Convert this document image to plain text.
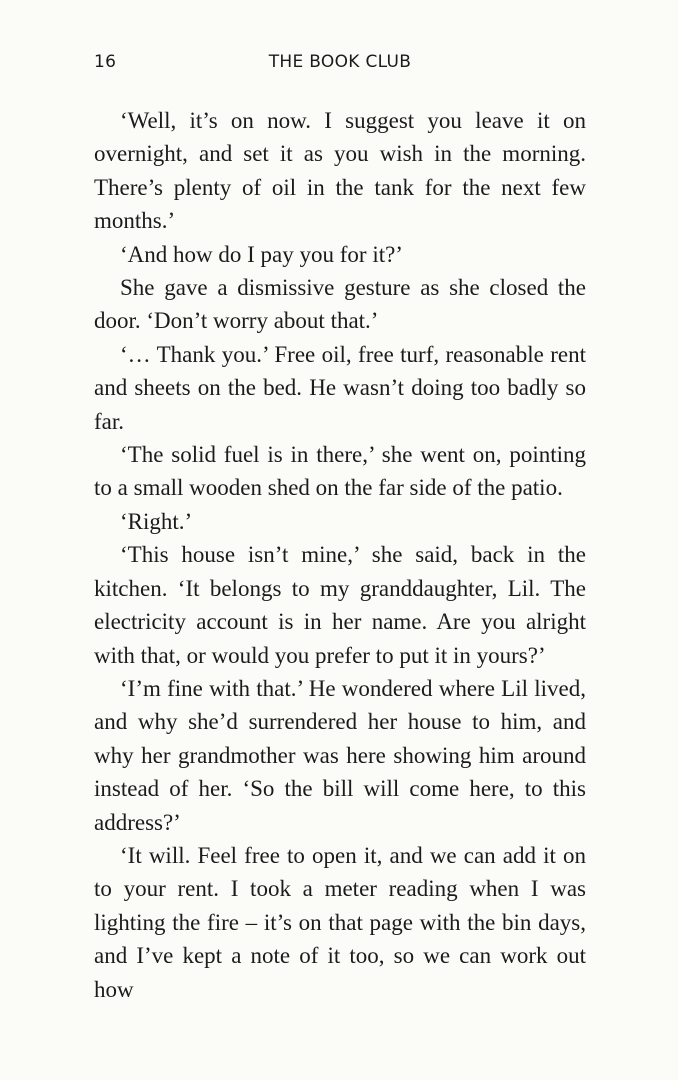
16	THE BOOK CLUB

‘Well, it’s on now. I suggest you leave it on overnight, and set it as you wish in the morning. There’s plenty of oil in the tank for the next few months.’

‘And how do I pay you for it?’

She gave a dismissive gesture as she closed the door. ‘Don’t worry about that.’

‘… Thank you.’ Free oil, free turf, reasonable rent and sheets on the bed. He wasn’t doing too badly so far.

‘The solid fuel is in there,’ she went on, pointing to a small wooden shed on the far side of the patio.

‘Right.’

‘This house isn’t mine,’ she said, back in the kitchen. ‘It belongs to my granddaughter, Lil. The electricity account is in her name. Are you alright with that, or would you prefer to put it in yours?’

‘I’m fine with that.’ He wondered where Lil lived, and why she’d surrendered her house to him, and why her grandmother was here showing him around instead of her. ‘So the bill will come here, to this address?’

‘It will. Feel free to open it, and we can add it on to your rent. I took a meter reading when I was lighting the fire – it’s on that page with the bin days, and I’ve kept a note of it too, so we can work out how
